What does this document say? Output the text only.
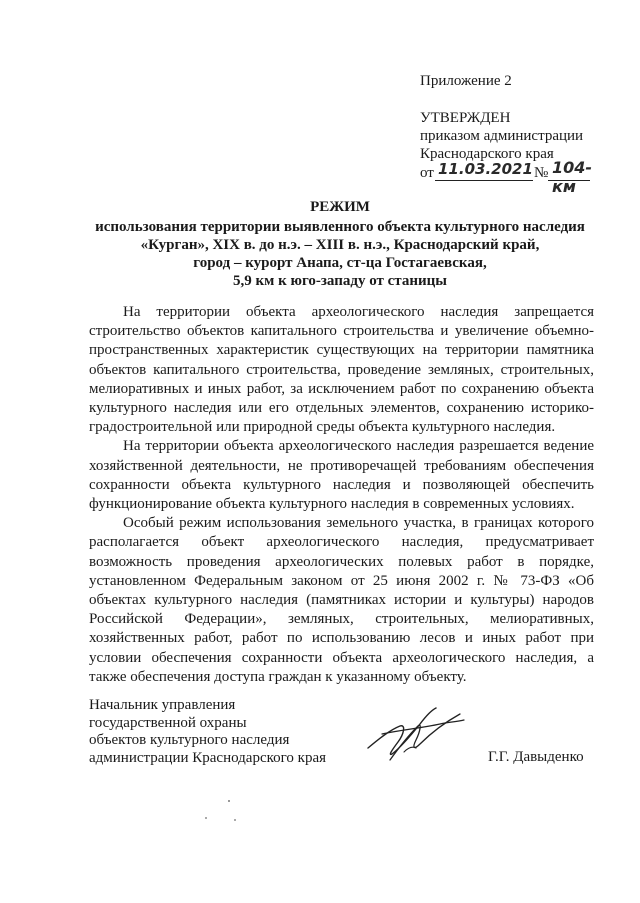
Приложение 2
УТВЕРЖДЕН
приказом администрации
Краснодарского края
от 11.03.2021 № 104-км
РЕЖИМ
использования территории выявленного объекта культурного наследия
«Курган», XIX в. до н.э. – XIII в. н.э., Краснодарский край,
город – курорт Анапа, ст-ца Гостагаевская,
5,9 км к юго-западу от станицы

На территории объекта археологического наследия запрещается строительство объектов капитального строительства и увеличение объемно-пространственных характеристик существующих на территории памятника объектов капитального строительства, проведение земляных, строительных, мелиоративных и иных работ, за исключением работ по сохранению объекта культурного наследия или его отдельных элементов, сохранению историко-градостроительной или природной среды объекта культурного наследия.

На территории объекта археологического наследия разрешается ведение хозяйственной деятельности, не противоречащей требованиям обеспечения сохранности объекта культурного наследия и позволяющей обеспечить функционирование объекта культурного наследия в современных условиях.

Особый режим использования земельного участка, в границах которого располагается объект археологического наследия, предусматривает возможность проведения археологических полевых работ в порядке, установленном Федеральным законом от 25 июня 2002 г. № 73-ФЗ «Об объектах культурного наследия (памятниках истории и культуры) народов Российской Федерации», земляных, строительных, мелиоративных, хозяйственных работ, работ по использованию лесов и иных работ при условии обеспечения сохранности объекта археологического наследия, а также обеспечения доступа граждан к указанному объекту.

Начальник управления
государственной охраны
объектов культурного наследия
администрации Краснодарского края	Г.Г. Давыденко
